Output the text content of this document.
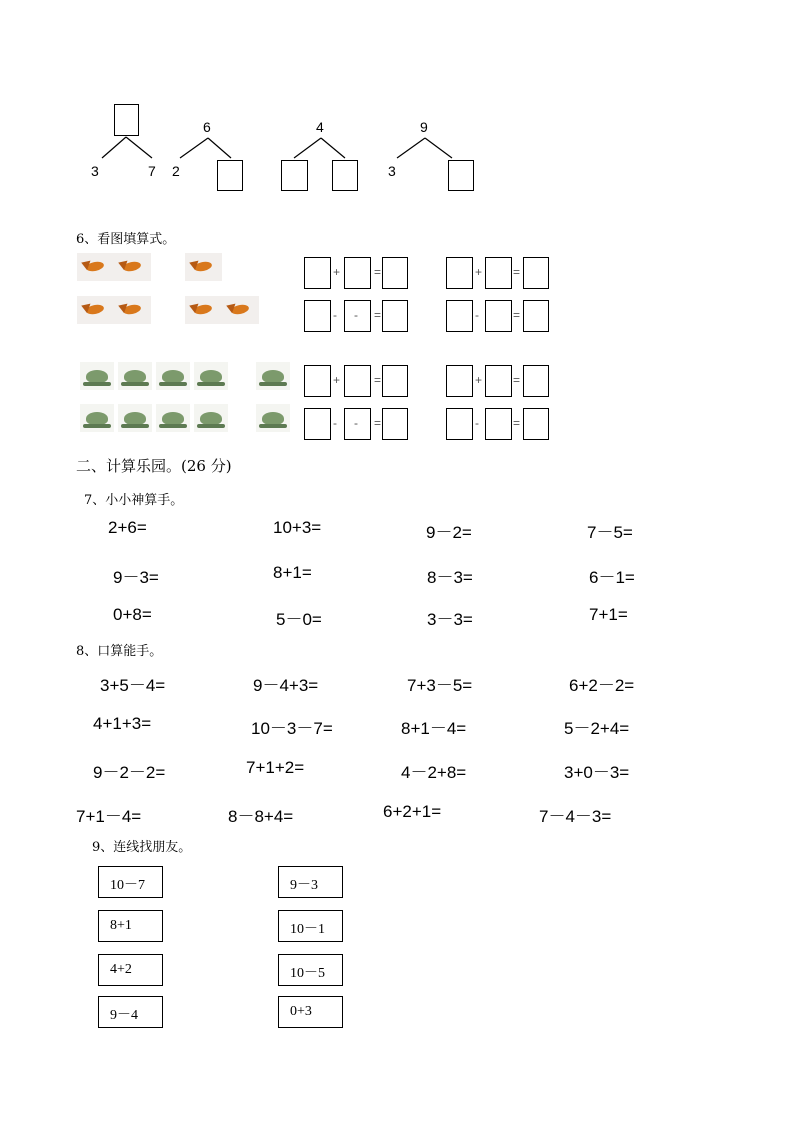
3	7
6
2
4	9
3
6、看图填算式。
+	=	+	=
- - =	-	=
+	=	+	=
- - =	-	=
二、计算乐园。(26 分)
7、小小神算手。
2+6=	10+3=	9－2=	7－5=
9－3=	8+1=	8－3=	6－1=
0+8=	5－0=	3－3=	7+1=
8、口算能手。
3+5－4=	9－4+3=	7+3－5=	6+2－2=
4+1+3=	10－3－7=	8+1－4=	5－2+4=
9－2－2=	7+1+2=	4－2+8=	3+0－3=
7+1－4=	8－8+4=	6+2+1=	7－4－3=
9、连线找朋友。
10－7
8+1
4+2
9－4
9－3
10－1
10－5
0+3
